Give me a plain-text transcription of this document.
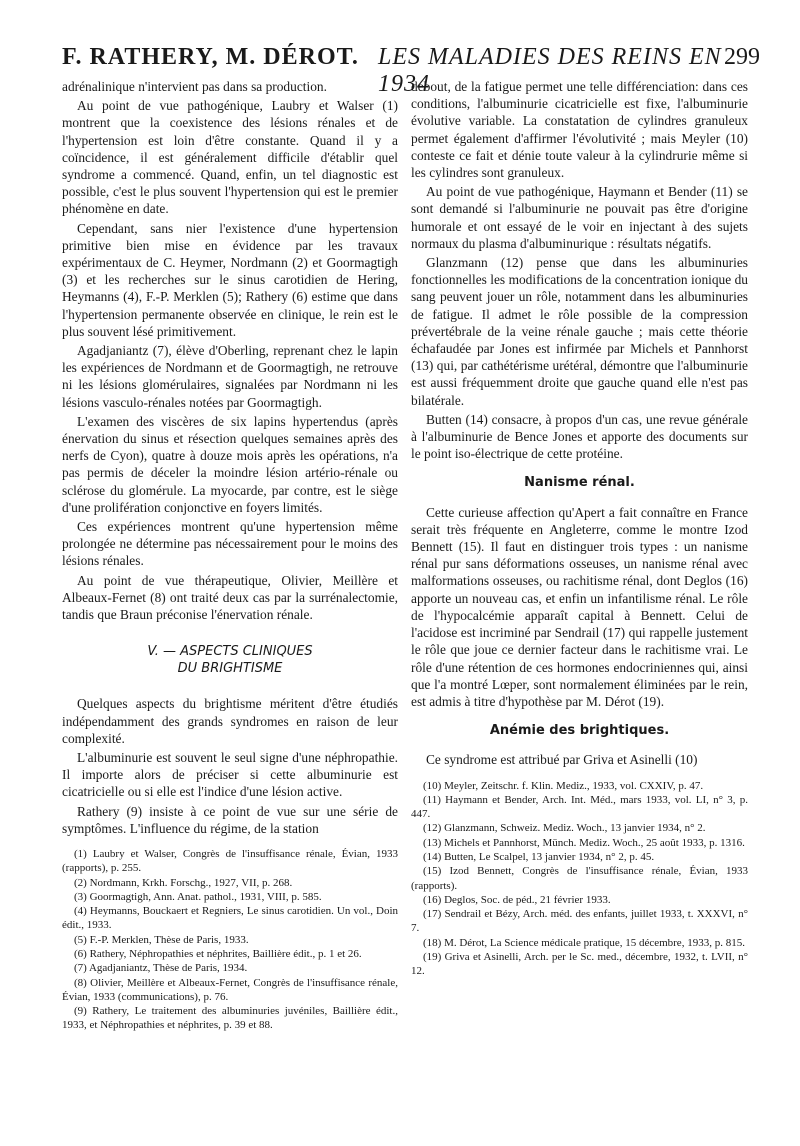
F. RATHERY, M. DÉROT. LES MALADIES DES REINS EN 1934
299

adrénalinique n'intervient pas dans sa production.

Au point de vue pathogénique, Laubry et Walser (1) montrent que la coexistence des lésions rénales et de l'hypertension est loin d'être constante. Quand il y a coïncidence, il est généralement difficile d'établir quel syndrome a commencé. Quand, enfin, un tel diagnostic est possible, c'est le plus souvent l'hypertension qui est le premier phénomène en date.

Cependant, sans nier l'existence d'une hypertension primitive bien mise en évidence par les travaux expérimentaux de C. Heymer, Nordmann (2) et Goormagtigh (3) et les recherches sur le sinus carotidien de Hering, Heymanns (4), F.-P. Merklen (5); Rathery (6) estime que dans l'hypertension permanente observée en clinique, le rein est le plus souvent lésé primitivement.

Agadjaniantz (7), élève d'Oberling, reprenant chez le lapin les expériences de Nordmann et de Goormagtigh, ne retrouve ni les lésions glomérulaires, signalées par Nordmann ni les lésions vasculo-rénales notées par Goormagtigh.

L'examen des viscères de six lapins hypertendus (après énervation du sinus et résection quelques semaines après des nerfs de Cyon), quatre à douze mois après les opérations, n'a pas permis de déceler la moindre lésion artério-rénale ou sclérose du glomérule. La myocarde, par contre, est le siège d'une prolifération conjonctive en foyers limités.

Ces expériences montrent qu'une hypertension même prolongée ne détermine pas nécessairement pour le moins des lésions rénales.

Au point de vue thérapeutique, Olivier, Meillère et Albeaux-Fernet (8) ont traité deux cas par la surrénalectomie, tandis que Braun préconise l'énervation rénale.

V. — ASPECTS CLINIQUES
DU BRIGHTISME

Quelques aspects du brightisme méritent d'être étudiés indépendamment des grands syndromes en raison de leur complexité.

L'albuminurie est souvent le seul signe d'une néphropathie. Il importe alors de préciser si cette albuminurie est cicatricielle ou si elle est l'indice d'une lésion active.

Rathery (9) insiste à ce point de vue sur une série de symptômes. L'influence du régime, de la station

(1) Laubry et Walser, Congrès de l'insuffisance rénale, Évian, 1933 (rapports), p. 255.

(2) Nordmann, Krkh. Forschg., 1927, VII, p. 268.

(3) Goormagtigh, Ann. Anat. pathol., 1931, VIII, p. 585.

(4) Heymanns, Bouckaert et Regniers, Le sinus carotidien. Un vol., Doin édit., 1933.

(5) F.-P. Merklen, Thèse de Paris, 1933.

(6) Rathery, Néphropathies et néphrites, Baillière édit., p. 1 et 26.

(7) Agadjaniantz, Thèse de Paris, 1934.

(8) Olivier, Meillère et Albeaux-Fernet, Congrès de l'insuffisance rénale, Évian, 1933 (communications), p. 76.

(9) Rathery, Le traitement des albuminuries juvéniles, Baillière édit., 1933, et Néphropathies et néphrites, p. 39 et 88.

debout, de la fatigue permet une telle différenciation: dans ces conditions, l'albuminurie cicatricielle est fixe, l'albuminurie évolutive variable. La constatation de cylindres granuleux permet également d'affirmer l'évolutivité ; mais Meyler (10) conteste ce fait et dénie toute valeur à la cylindrurie même si les cylindres sont granuleux.

Au point de vue pathogénique, Haymann et Bender (11) se sont demandé si l'albuminurie ne pouvait pas être d'origine humorale et ont essayé de le voir en injectant à des sujets normaux du plasma d'albuminurique : résultats négatifs.

Glanzmann (12) pense que dans les albuminuries fonctionnelles les modifications de la concentration ionique du sang peuvent jouer un rôle, notamment dans les albuminuries de fatigue. Il admet le rôle possible de la compression prévertébrale de la veine rénale gauche ; mais cette théorie échafaudée par Jones est infirmée par Michels et Pannhorst (13) qui, par cathétérisme urétéral, démontre que l'albuminurie est aussi fréquemment droite que gauche quand elle n'est pas bilatérale.

Butten (14) consacre, à propos d'un cas, une revue générale à l'albuminurie de Bence Jones et apporte des documents sur le point iso-électrique de cette protéine.

Nanisme rénal.

Cette curieuse affection qu'Apert a fait connaître en France serait très fréquente en Angleterre, comme le montre Izod Bennett (15). Il faut en distinguer trois types : un nanisme rénal pur sans déformations osseuses, un nanisme rénal avec malformations osseuses, ou rachitisme rénal, dont Deglos (16) apporte un nouveau cas, et enfin un infantilisme rénal. Le rôle de l'hypocalcémie apparaît capital à Bennett. Celui de l'acidose est incriminé par Sendrail (17) qui rappelle justement le rôle que joue ce dernier facteur dans le rachitisme vrai. Le rôle d'une rétention de ces hormones endocriniennes qui, ainsi que l'a montré Lœper, sont normalement éliminées par le rein, est admis à titre d'hypothèse par M. Dérot (19).

Anémie des brightiques.

Ce syndrome est attribué par Griva et Asinelli (10)

(10) Meyler, Zeitschr. f. Klin. Mediz., 1933, vol. CXXIV, p. 47.

(11) Haymann et Bender, Arch. Int. Méd., mars 1933, vol. LI, n° 3, p. 447.

(12) Glanzmann, Schweiz. Mediz. Woch., 13 janvier 1934, n° 2.

(13) Michels et Pannhorst, Münch. Mediz. Woch., 25 août 1933, p. 1316.

(14) Butten, Le Scalpel, 13 janvier 1934, n° 2, p. 45.

(15) Izod Bennett, Congrès de l'insuffisance rénale, Évian, 1933 (rapports).

(16) Deglos, Soc. de péd., 21 février 1933.

(17) Sendrail et Bézy, Arch. méd. des enfants, juillet 1933, t. XXXVI, n° 7.

(18) M. Dérot, La Science médicale pratique, 15 décembre, 1933, p. 815.

(19) Griva et Asinelli, Arch. per le Sc. med., décembre, 1932, t. LVII, n° 12.
